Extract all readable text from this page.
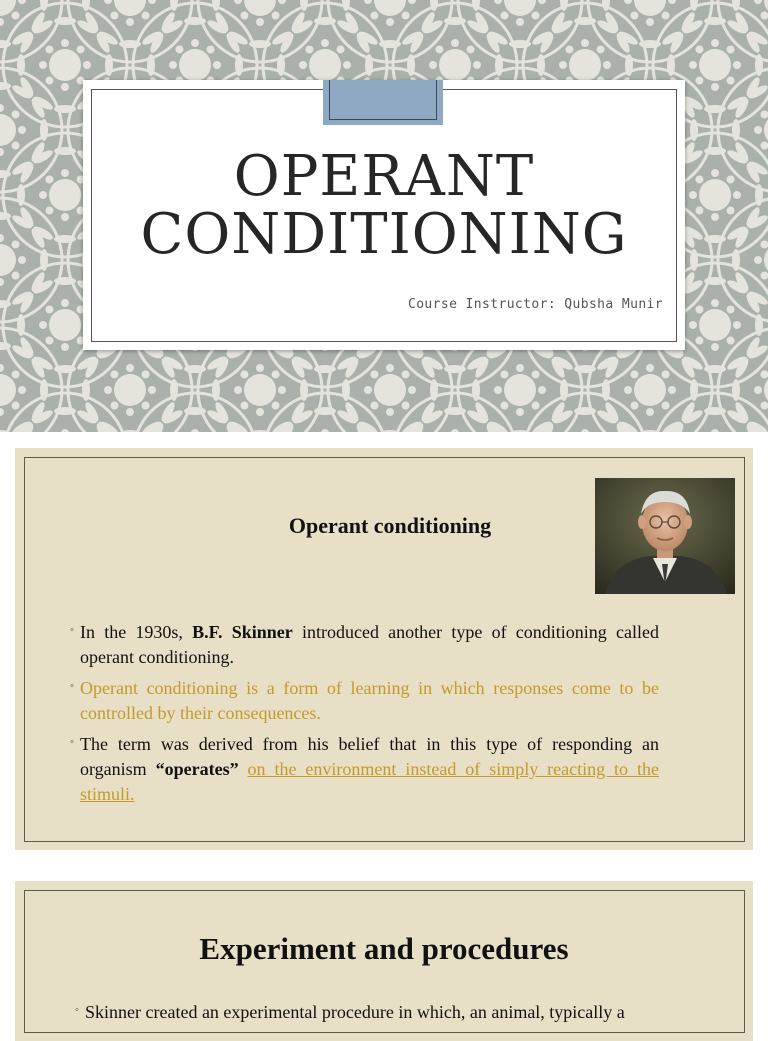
OPERANT
CONDITIONING
Course Instructor: Qubsha Munir
Operant conditioning
◦ In the 1930s, B.F. Skinner introduced another type of conditioning called operant conditioning.
◦ Operant conditioning is a form of learning in which responses come to be controlled by their consequences.
◦ The term was derived from his belief that in this type of responding an organism “operates” on the environment instead of simply reacting to the stimuli.
Experiment and procedures
◦ Skinner created an experimental procedure in which, an animal, typically a
